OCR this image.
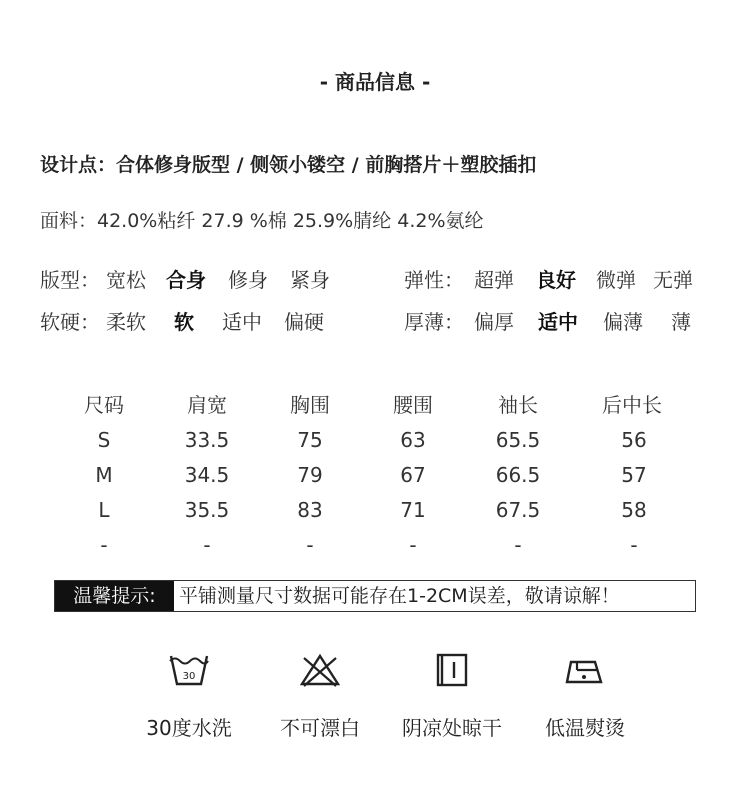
- 商品信息 -
设计点：合体修身版型 / 侧领小镂空 / 前胸搭片＋塑胶插扣
面料：42.0%粘纤 27.9 %棉 25.9%腈纶 4.2%氨纶
版型： 宽松 合身 修身 紧身	弹性： 超弹 良好 微弹 无弹
软硬： 柔软 软 适中 偏硬	厚薄： 偏厚 适中 偏薄 薄
尺码	肩宽	胸围	腰围	袖长	后中长
S	33.5	75	63	65.5	56
M	34.5	79	67	66.5	57
L	35.5	83	71	67.5	58
-	-	-	-	-	-
温馨提示:	平铺测量尺寸数据可能存在1-2CM误差，敬请谅解！
30
30度水洗	不可漂白	阴凉处晾干	低温熨烫
